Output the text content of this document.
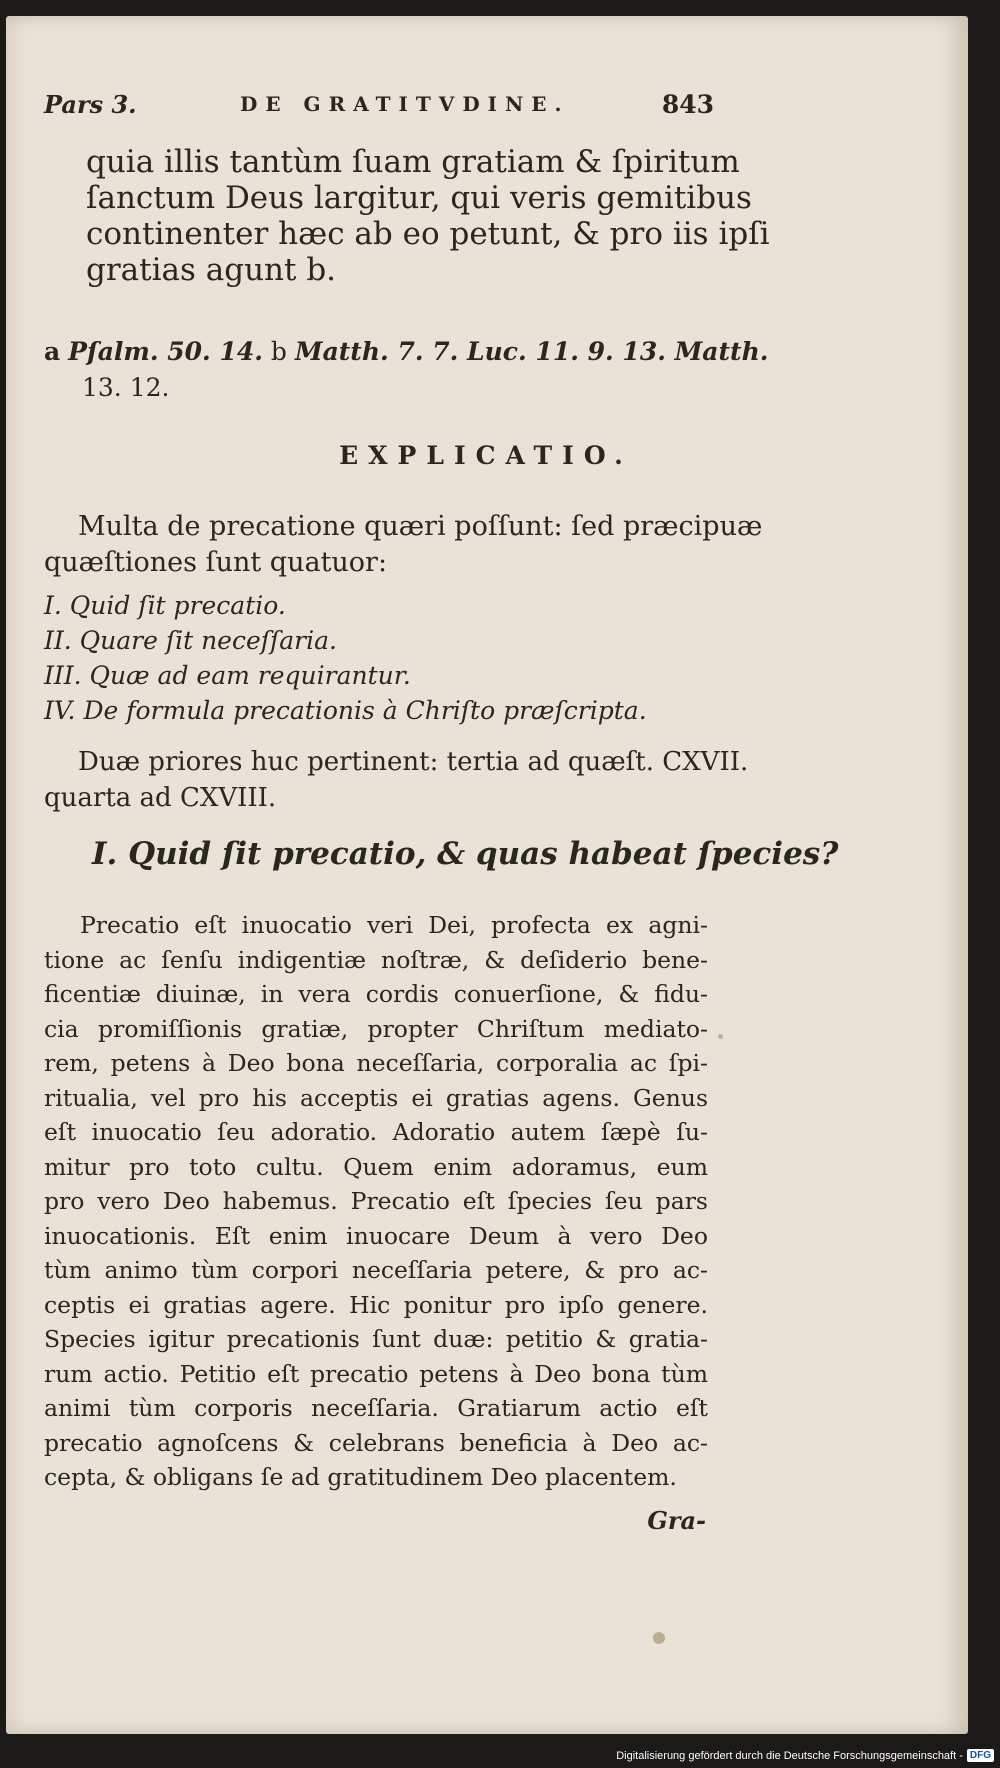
Pars 3.	DE GRATITVDINE.	843
quia illis tantùm ſuam gratiam & ſpiritum
ſanctum Deus largitur, qui veris gemitibus
continenter hæc ab eo petunt, & pro iis ipſi
gratias agunt b.
a Pſalm. 50. 14. b Matth. 7. 7. Luc. 11. 9. 13. Matth.
13. 12.
EXPLICATIO.
Multa de precatione quæri poſſunt: ſed præcipuæ
quæſtiones ſunt quatuor:
I. Quid ſit precatio.
II. Quare ſit neceſſaria.
III. Quæ ad eam requirantur.
IV. De formula precationis à Chriſto præſcripta.
Duæ priores huc pertinent: tertia ad quæſt. CXVII.
quarta ad CXVIII.
I. Quid ſit precatio, & quas habeat ſpecies?
Precatio eſt inuocatio veri Dei, profecta ex agni-
tione ac ſenſu indigentiæ noſtræ, & deſiderio bene-
ficentiæ diuinæ, in vera cordis conuerſione, & fidu-
cia promiſſionis gratiæ, propter Chriſtum mediato-
rem, petens à Deo bona neceſſaria, corporalia ac ſpi-
ritualia, vel pro his acceptis ei gratias agens. Genus
eſt inuocatio ſeu adoratio. Adoratio autem ſæpè ſu-
mitur pro toto cultu. Quem enim adoramus, eum
pro vero Deo habemus. Precatio eſt ſpecies ſeu pars
inuocationis. Eſt enim inuocare Deum à vero Deo
tùm animo tùm corpori neceſſaria petere, & pro ac-
ceptis ei gratias agere. Hic ponitur pro ipſo genere.
Species igitur precationis ſunt duæ: petitio & gratia-
rum actio. Petitio eſt precatio petens à Deo bona tùm
animi tùm corporis neceſſaria. Gratiarum actio eſt
precatio agnoſcens & celebrans beneficia à Deo ac-
cepta, & obligans ſe ad gratitudinem Deo placentem.
Gra-
Digitalisierung gefördert durch die Deutsche Forschungsgemeinschaft - DFG
